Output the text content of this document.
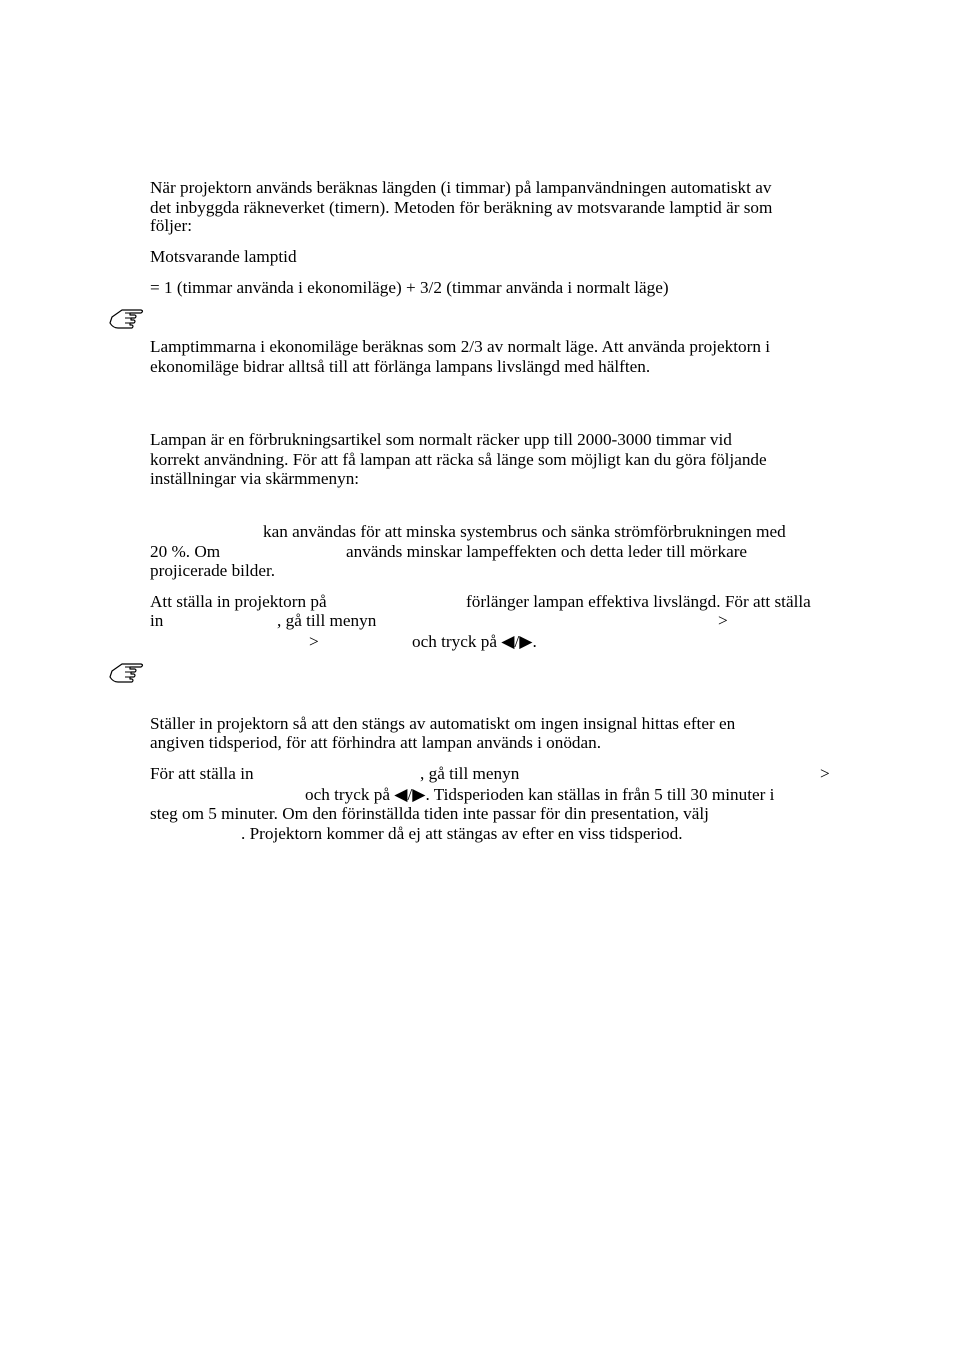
När projektorn används beräknas längden (i timmar) på lampanvändningen automatiskt av
det inbyggda räkneverket (timern). Metoden för beräkning av motsvarande lamptid är som
följer:
Motsvarande lamptid
= 1 (timmar använda i ekonomiläge) + 3/2 (timmar använda i normalt läge)
Lamptimmarna i ekonomiläge beräknas som 2/3 av normalt läge. Att använda projektorn i
ekonomiläge bidrar alltså till att förlänga lampans livslängd med hälften.
Lampan är en förbrukningsartikel som normalt räcker upp till 2000-3000 timmar vid
korrekt användning. För att få lampan att räcka så länge som möjligt kan du göra följande
inställningar via skärmmenyn:
kan användas för att minska systembrus och sänka strömförbrukningen med
20 %. Om	används minskar lampeffekten och detta leder till mörkare
projicerade bilder.
Att ställa in projektorn på	förlänger lampan effektiva livslängd. För att ställa
in	, gå till menyn	>
>	och tryck på ◀/▶.
Ställer in projektorn så att den stängs av automatiskt om ingen insignal hittas efter en
angiven tidsperiod, för att förhindra att lampan används i onödan.
För att ställa in	, gå till menyn	>
och tryck på ◀/▶. Tidsperioden kan ställas in från 5 till 30 minuter i
steg om 5 minuter. Om den förinställda tiden inte passar för din presentation, välj
. Projektorn kommer då ej att stängas av efter en viss tidsperiod.
